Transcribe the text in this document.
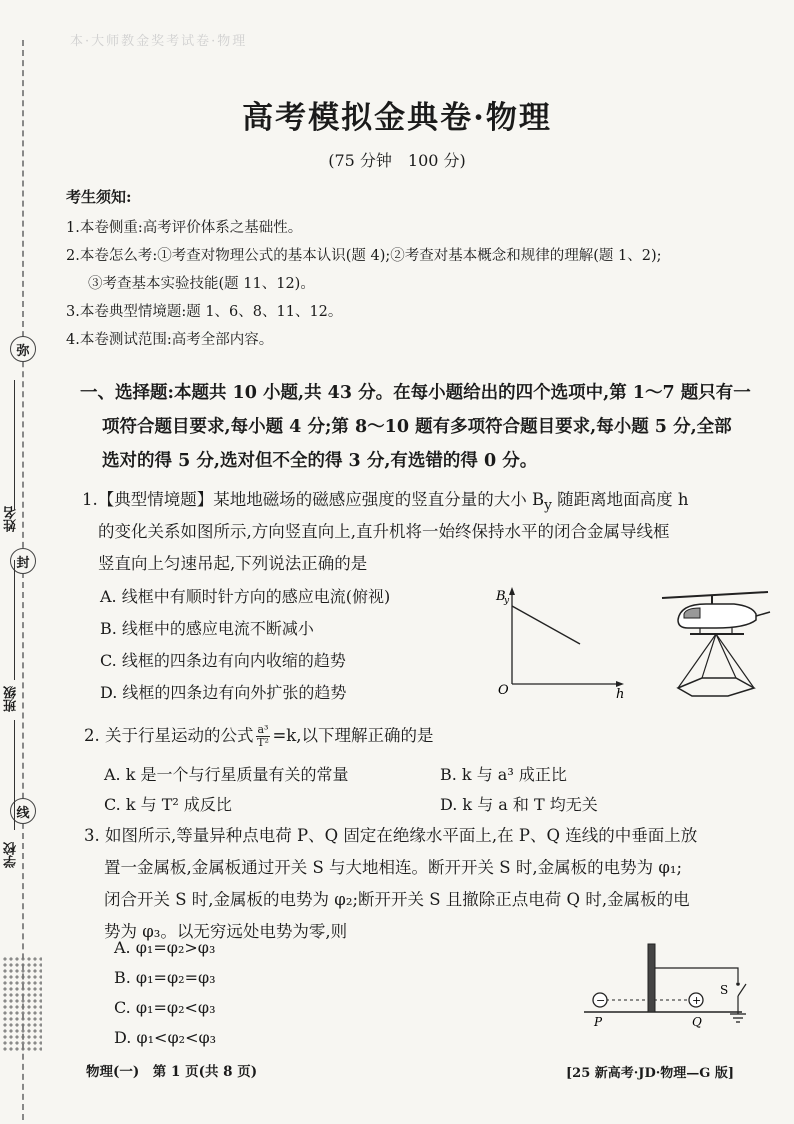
弥
封
线
姓名
班级
学校
本·大师教金奖考试卷·物理
高考模拟金典卷·物理
(75 分钟　100 分)
考生须知:
1.本卷侧重:高考评价体系之基础性。
2.本卷怎么考:①考查对物理公式的基本认识(题 4);②考查对基本概念和规律的理解(题 1、2);
③考查基本实验技能(题 11、12)。
3.本卷典型情境题:题 1、6、8、11、12。
4.本卷测试范围:高考全部内容。
一、选择题:本题共 10 小题,共 43 分。在每小题给出的四个选项中,第 1～7 题只有一
项符合题目要求,每小题 4 分;第 8～10 题有多项符合题目要求,每小题 5 分,全部
选对的得 5 分,选对但不全的得 3 分,有选错的得 0 分。
1.【典型情境题】某地地磁场的磁感应强度的竖直分量的大小 $B_y$ 随距离地面高度 h
的变化关系如图所示,方向竖直向上,直升机将一始终保持水平的闭合金属导线框
竖直向上匀速吊起,下列说法正确的是
A. 线框中有顺时针方向的感应电流(俯视)
B. 线框中的感应电流不断减小
C. 线框的四条边有向内收缩的趋势
D. 线框的四条边有向外扩张的趋势
B
y
h
O
2. 关于行星运动的公式 $\frac{\text{a³}}{\text{T²}} =k$,以下理解正确的是
A. k 是一个与行星质量有关的常量	B. k 与 a³ 成正比
C. k 与 T² 成反比	D. k 与 a 和 T 均无关
3. 如图所示,等量异种点电荷 P、Q 固定在绝缘水平面上,在 P、Q 连线的中垂面上放
置一金属板,金属板通过开关 S 与大地相连。断开开关 S 时,金属板的电势为 φ₁;
闭合开关 S 时,金属板的电势为 φ₂;断开开关 S 且撤除正点电荷 Q 时,金属板的电
势为 φ₃。以无穷远处电势为零,则
A. φ₁=φ₂>φ₃
B. φ₁=φ₂=φ₃
C. φ₁=φ₂<φ₃
D. φ₁<φ₂<φ₃
−	+
P	Q
S
物理(一)　第 1 页(共 8 页)	[25 新高考·JD·物理—G 版]
